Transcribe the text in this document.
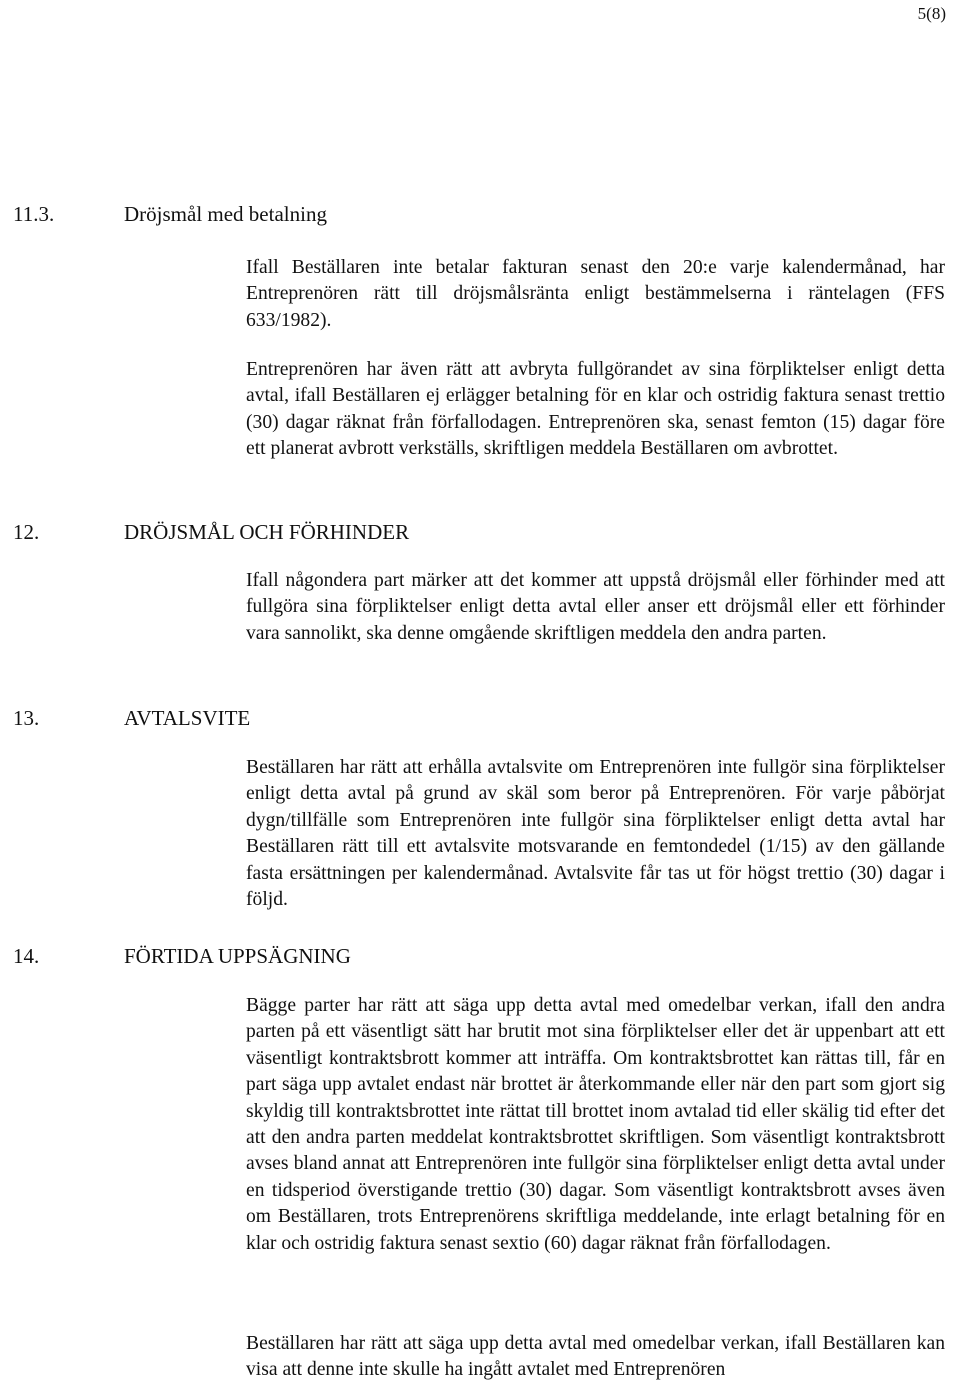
5(8)
11.3.	Dröjsmål med betalning

Ifall Beställaren inte betalar fakturan senast den 20:e varje kalendermånad, har Entreprenören rätt till dröjsmålsränta enligt bestämmelserna i räntelagen (FFS 633/1982).

Entreprenören har även rätt att avbryta fullgörandet av sina förpliktelser enligt detta avtal, ifall Beställaren ej erlägger betalning för en klar och ostridig faktura senast trettio (30) dagar räknat från förfallodagen. Entreprenören ska, senast femton (15) dagar före ett planerat avbrott verkställs, skriftligen meddela Beställaren om avbrottet.

12.	DRÖJSMÅL OCH FÖRHINDER

Ifall någondera part märker att det kommer att uppstå dröjsmål eller förhinder med att fullgöra sina förpliktelser enligt detta avtal eller anser ett dröjsmål eller ett förhinder vara sannolikt, ska denne omgående skriftligen meddela den andra parten.

13.	AVTALSVITE

Beställaren har rätt att erhålla avtalsvite om Entreprenören inte fullgör sina förpliktelser enligt detta avtal på grund av skäl som beror på Entreprenören. För varje påbörjat dygn/tillfälle som Entreprenören inte fullgör sina förpliktelser enligt detta avtal har Beställaren rätt till ett avtalsvite motsvarande en femtondedel (1/15) av den gällande fasta ersättningen per kalendermånad. Avtalsvite får tas ut för högst trettio (30) dagar i följd.

14.	FÖRTIDA UPPSÄGNING

Bägge parter har rätt att säga upp detta avtal med omedelbar verkan, ifall den andra parten på ett väsentligt sätt har brutit mot sina förpliktelser eller det är uppenbart att ett väsentligt kontraktsbrott kommer att inträffa. Om kontraktsbrottet kan rättas till, får en part säga upp avtalet endast när brottet är återkommande eller när den part som gjort sig skyldig till kontraktsbrottet inte rättat till brottet inom avtalad tid eller skälig tid efter det att den andra parten meddelat kontraktsbrottet skriftligen. Som väsentligt kontraktsbrott avses bland annat att Entreprenören inte fullgör sina förpliktelser enligt detta avtal under en tidsperiod överstigande trettio (30) dagar. Som väsentligt kontraktsbrott avses även om Beställaren, trots Entreprenörens skriftliga meddelande, inte erlagt betalning för en klar och ostridig faktura senast sextio (60) dagar räknat från förfallodagen.

Beställaren har rätt att säga upp detta avtal med omedelbar verkan, ifall Beställaren kan visa att denne inte skulle ha ingått avtalet med Entreprenören
